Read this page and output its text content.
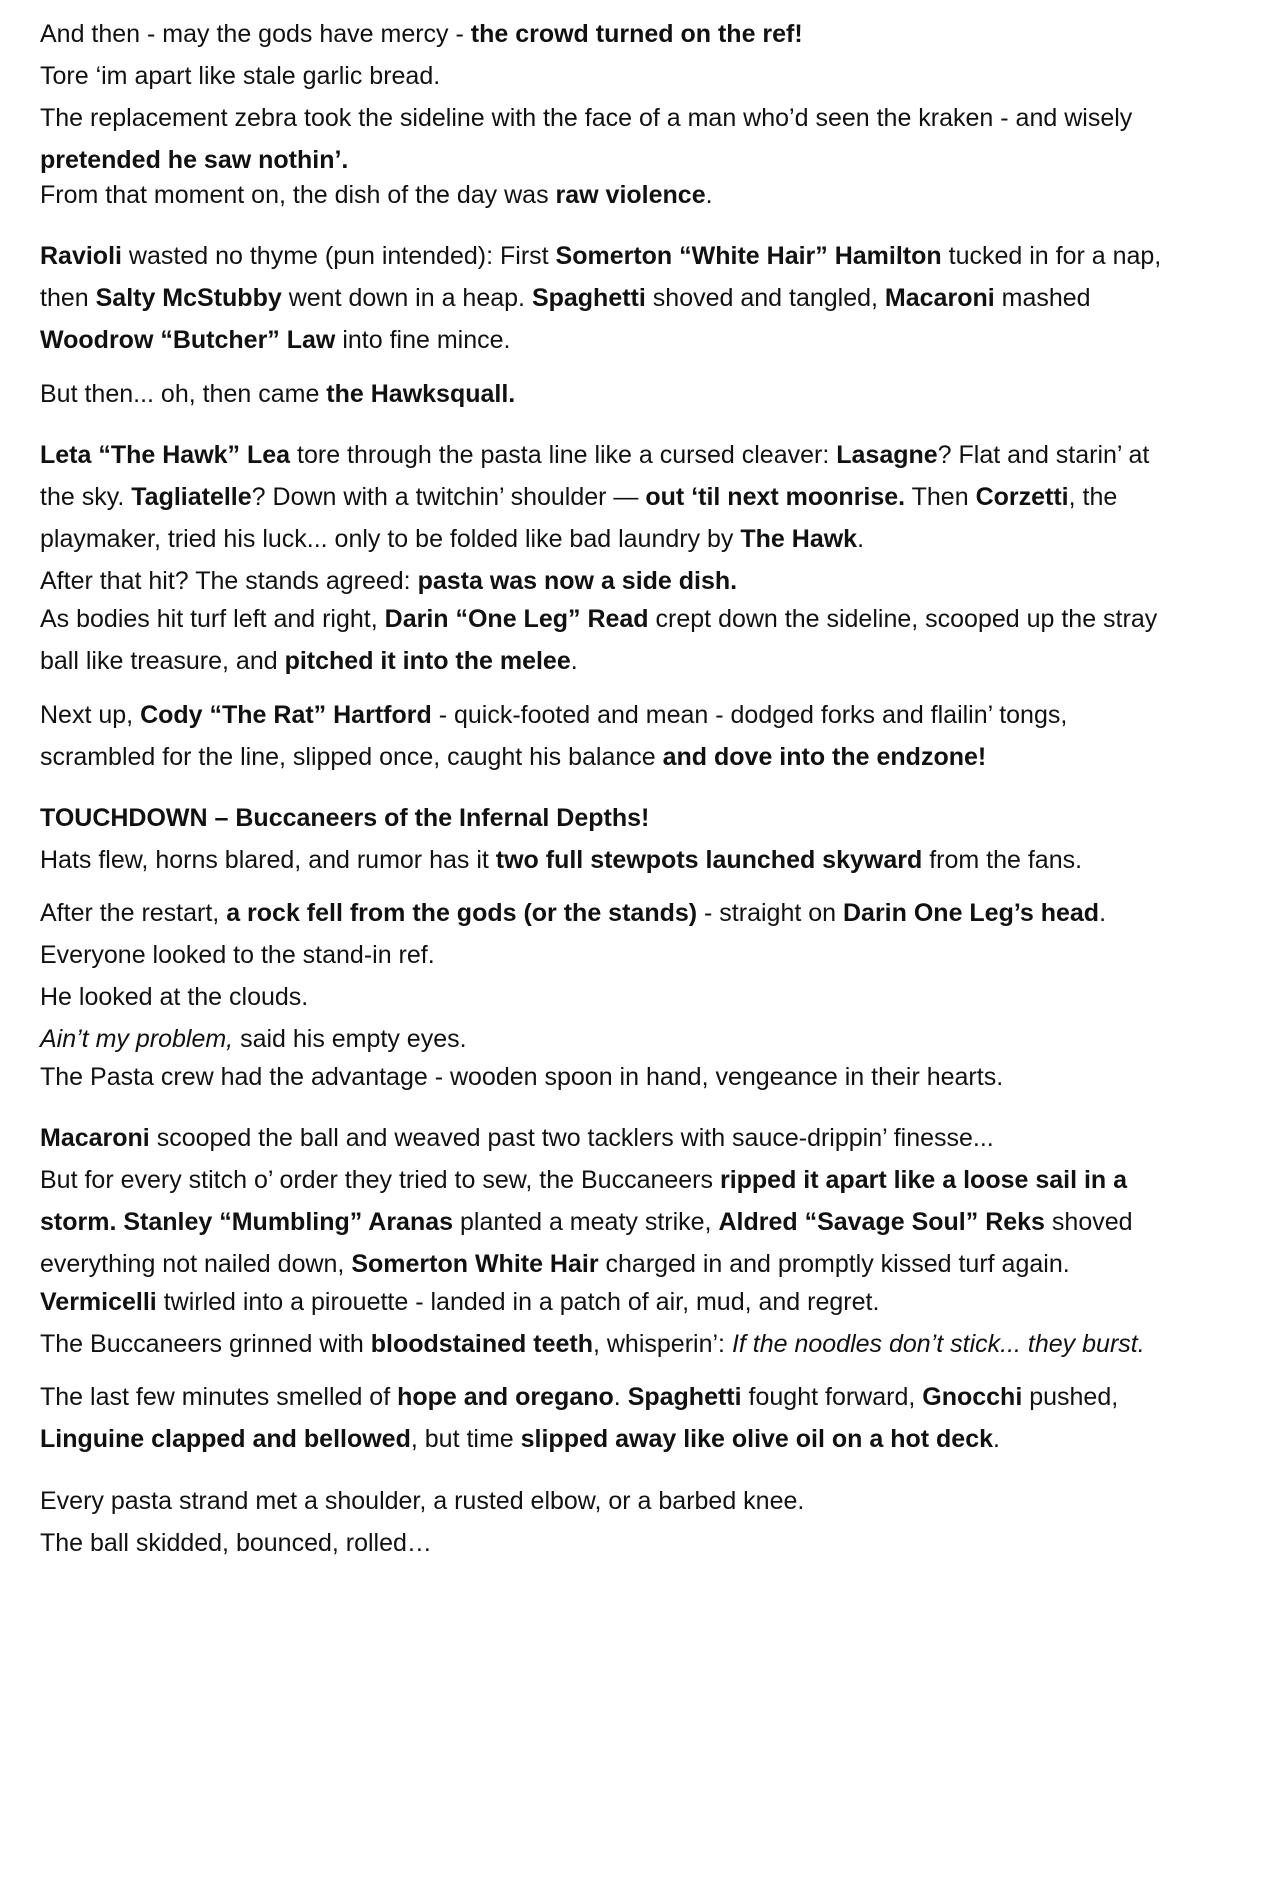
And then - may the gods have mercy - the crowd turned on the ref!
Tore ‘im apart like stale garlic bread.
The replacement zebra took the sideline with the face of a man who’d seen the kraken - and wisely
pretended he saw nothin’.
From that moment on, the dish of the day was raw violence.
Ravioli wasted no thyme (pun intended): First Somerton “White Hair” Hamilton tucked in for a nap,
then Salty McStubby went down in a heap. Spaghetti shoved and tangled, Macaroni mashed
Woodrow “Butcher” Law into fine mince.
But then... oh, then came the Hawksquall.
Leta “The Hawk” Lea tore through the pasta line like a cursed cleaver: Lasagne? Flat and starin’ at
the sky. Tagliatelle? Down with a twitchin’ shoulder — out ‘til next moonrise. Then Corzetti, the
playmaker, tried his luck... only to be folded like bad laundry by The Hawk.
After that hit? The stands agreed: pasta was now a side dish.
As bodies hit turf left and right, Darin “One Leg” Read crept down the sideline, scooped up the stray
ball like treasure, and pitched it into the melee.
Next up, Cody “The Rat” Hartford - quick-footed and mean - dodged forks and flailin’ tongs,
scrambled for the line, slipped once, caught his balance and dove into the endzone!
TOUCHDOWN – Buccaneers of the Infernal Depths!
Hats flew, horns blared, and rumor has it two full stewpots launched skyward from the fans.
After the restart, a rock fell from the gods (or the stands) - straight on Darin One Leg’s head.
Everyone looked to the stand-in ref.
He looked at the clouds.
Ain’t my problem, said his empty eyes.
The Pasta crew had the advantage - wooden spoon in hand, vengeance in their hearts.
Macaroni scooped the ball and weaved past two tacklers with sauce-drippin’ finesse...
But for every stitch o’ order they tried to sew, the Buccaneers ripped it apart like a loose sail in a
storm. Stanley “Mumbling” Aranas planted a meaty strike, Aldred “Savage Soul” Reks shoved
everything not nailed down, Somerton White Hair charged in and promptly kissed turf again.
Vermicelli twirled into a pirouette - landed in a patch of air, mud, and regret.
The Buccaneers grinned with bloodstained teeth, whisperin’: If the noodles don’t stick... they burst.
The last few minutes smelled of hope and oregano. Spaghetti fought forward, Gnocchi pushed,
Linguine clapped and bellowed, but time slipped away like olive oil on a hot deck.
Every pasta strand met a shoulder, a rusted elbow, or a barbed knee.
The ball skidded, bounced, rolled…
